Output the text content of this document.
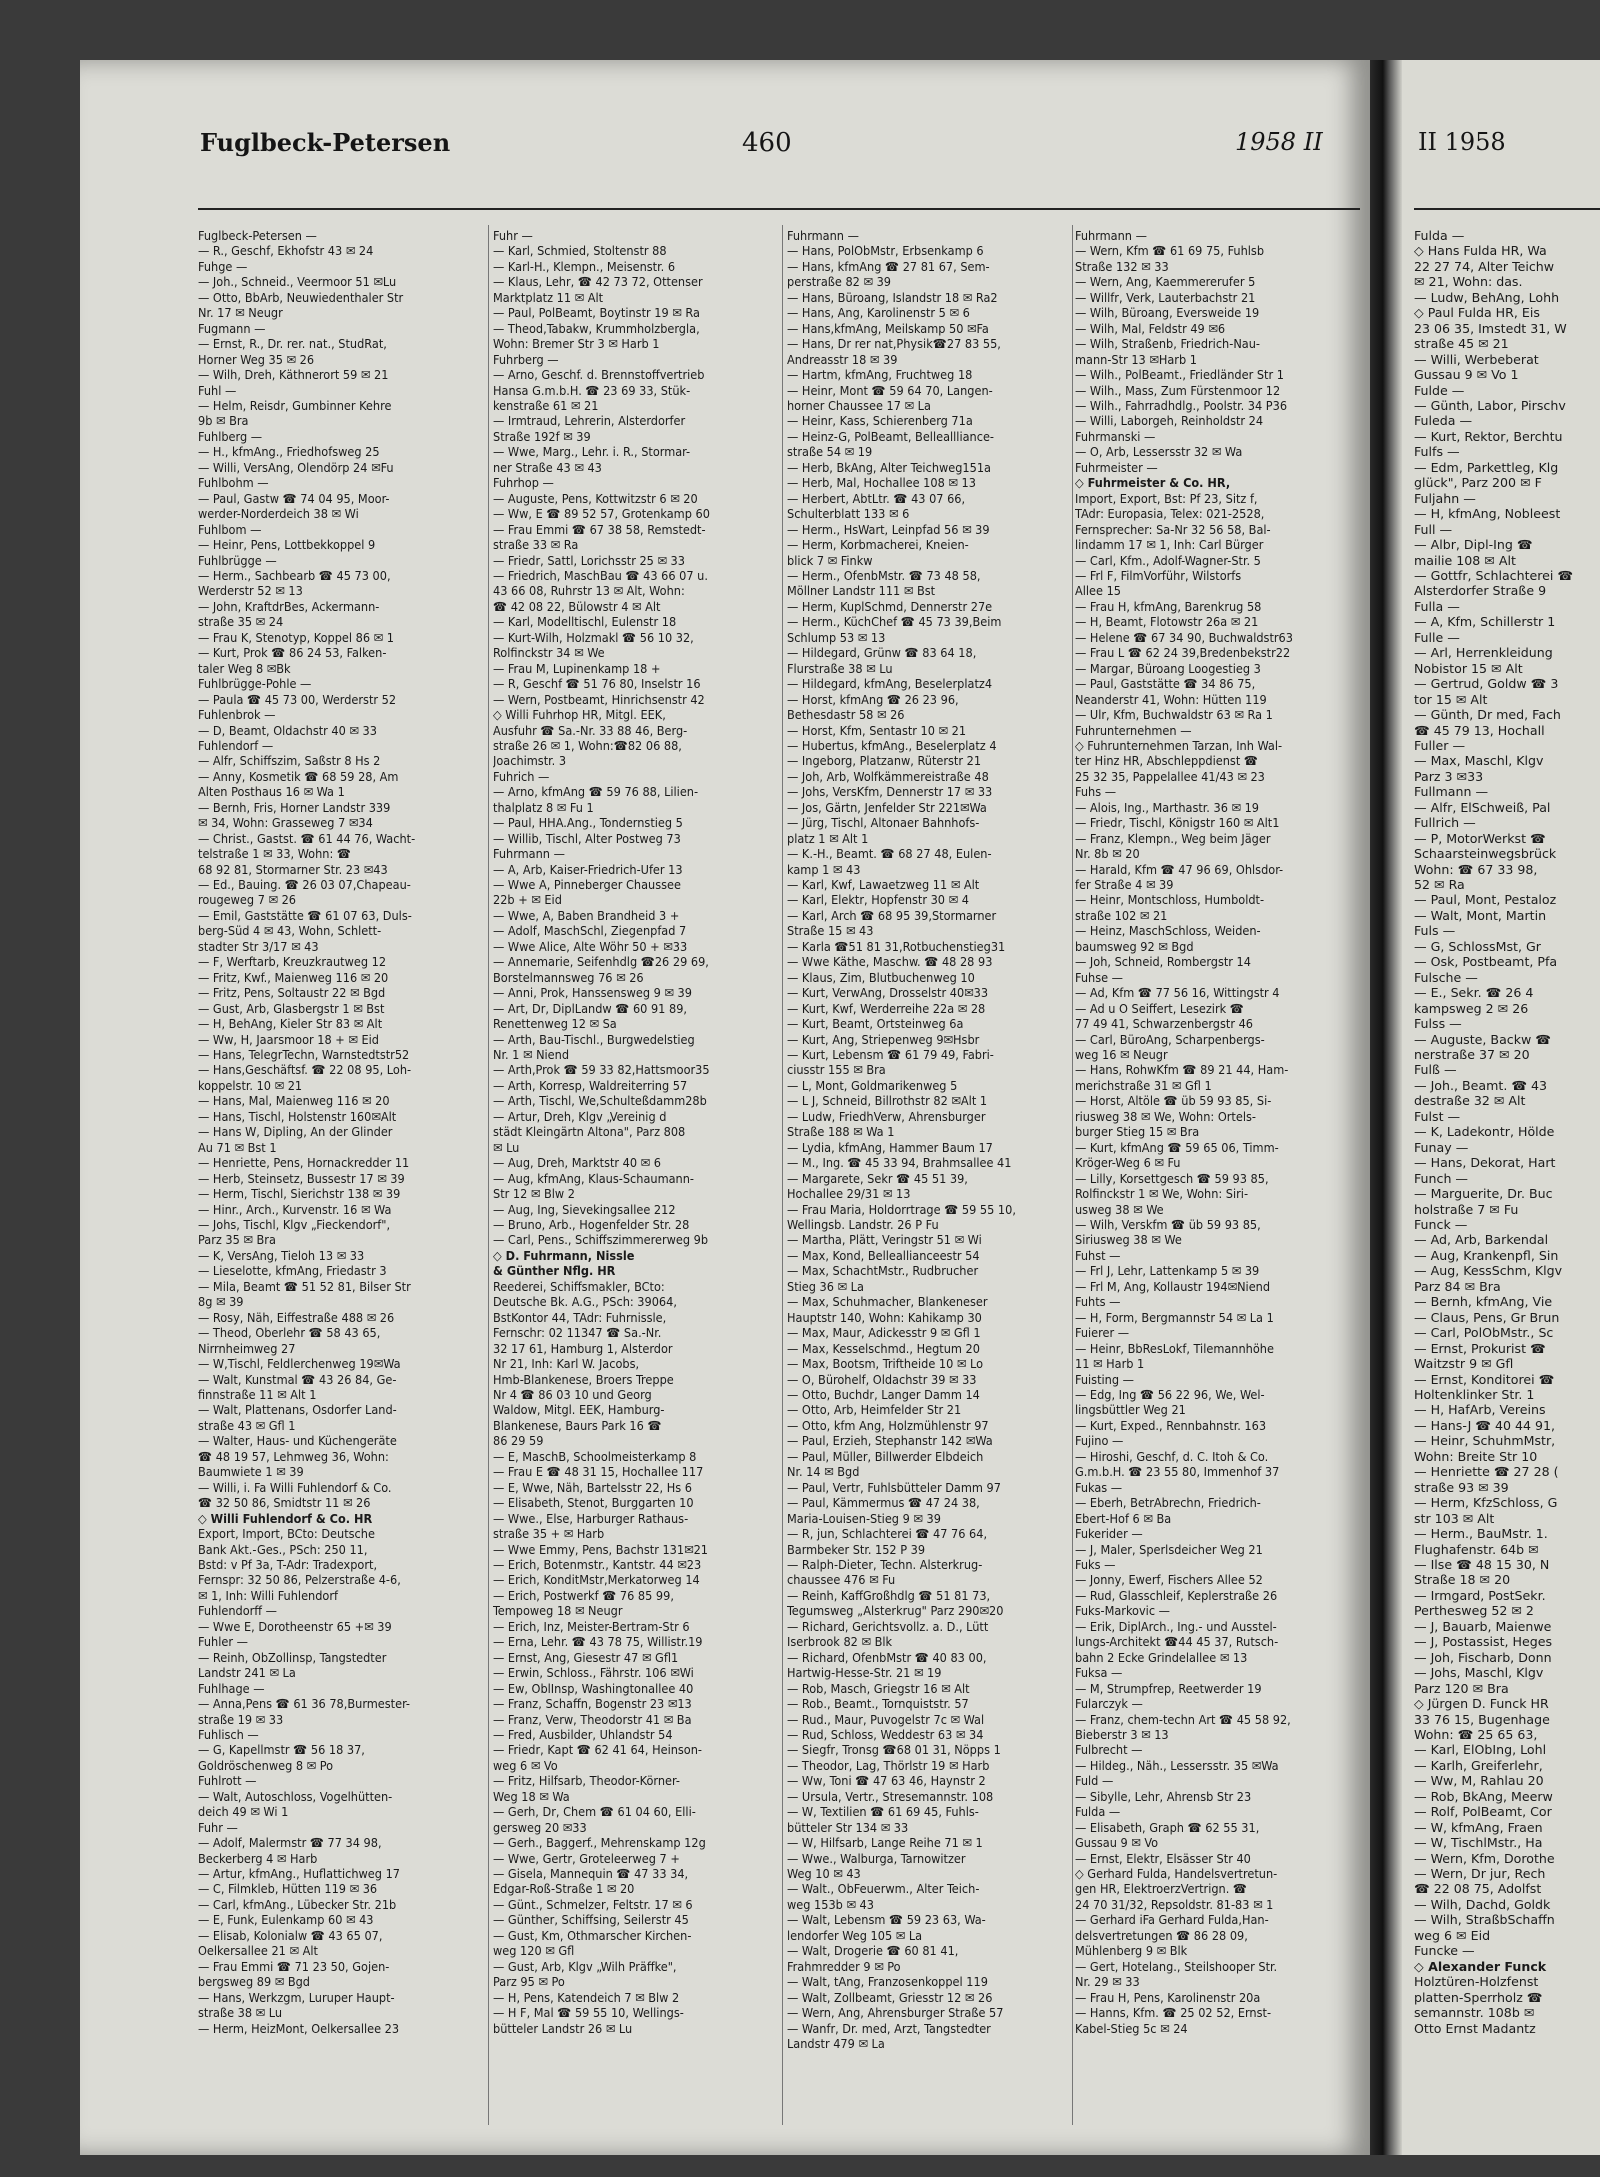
Fuglbeck-Petersen	460	1958 II	II 1958
Fuglbeck-Petersen —
— R., Geschf, Ekhofstr 43 ✉ 24
Fuhge —
— Joh., Schneid., Veermoor 51 ✉Lu
— Otto, BbArb, Neuwiedenthaler Str
Nr. 17 ✉ Neugr
Fugmann —
— Ernst, R., Dr. rer. nat., StudRat,
Horner Weg 35 ✉ 26
— Wilh, Dreh, Käthnerort 59 ✉ 21
Fuhl —
— Helm, Reisdr, Gumbinner Kehre
9b ✉ Bra
Fuhlberg —
— H., kfmAng., Friedhofsweg 25
— Willi, VersAng, Olendörp 24 ✉Fu
Fuhlbohm —
— Paul, Gastw ☎ 74 04 95, Moor-
werder-Norderdeich 38 ✉ Wi
Fuhlbom —
— Heinr, Pens, Lottbekkoppel 9
Fuhlbrügge —
— Herm., Sachbearb ☎ 45 73 00,
Werderstr 52 ✉ 13
— John, KraftdrBes, Ackermann-
straße 35 ✉ 24
— Frau K, Stenotyp, Koppel 86 ✉ 1
— Kurt, Prok ☎ 86 24 53, Falken-
taler Weg 8 ✉Bk
Fuhlbrügge-Pohle —
— Paula ☎ 45 73 00, Werderstr 52
Fuhlenbrok —
— D, Beamt, Oldachstr 40 ✉ 33
Fuhlendorf —
— Alfr, Schiffszim, Saßstr 8 Hs 2
— Anny, Kosmetik ☎ 68 59 28, Am
Alten Posthaus 16 ✉ Wa 1
— Bernh, Fris, Horner Landstr 339
✉ 34, Wohn: Grasseweg 7 ✉34
— Christ., Gastst. ☎ 61 44 76, Wacht-
telstraße 1 ✉ 33, Wohn: ☎
68 92 81, Stormarner Str. 23 ✉43
— Ed., Bauing. ☎ 26 03 07,Chapeau-
rougeweg 7 ✉ 26
— Emil, Gaststätte ☎ 61 07 63, Duls-
berg-Süd 4 ✉ 43, Wohn, Schlett-
stadter Str 3/17 ✉ 43
— F, Werftarb, Kreuzkrautweg 12
— Fritz, Kwf., Maienweg 116 ✉ 20
— Fritz, Pens, Soltaustr 22 ✉ Bgd
— Gust, Arb, Glasbergstr 1 ✉ Bst
— H, BehAng, Kieler Str 83 ✉ Alt
— Ww, H, Jaarsmoor 18 + ✉ Eid
— Hans, TelegrTechn, Warnstedtstr52
— Hans,Geschäftsf. ☎ 22 08 95, Loh-
koppelstr. 10 ✉ 21
— Hans, Mal, Maienweg 116 ✉ 20
— Hans, Tischl, Holstenstr 160✉Alt
— Hans W, Dipling, An der Glinder
Au 71 ✉ Bst 1
— Henriette, Pens, Hornackredder 11
— Herb, Steinsetz, Bussestr 17 ✉ 39
— Herm, Tischl, Sierichstr 138 ✉ 39
— Hinr., Arch., Kurvenstr. 16 ✉ Wa
— Johs, Tischl, Klgv „Fieckendorf",
Parz 35 ✉ Bra
— K, VersAng, Tieloh 13 ✉ 33
— Lieselotte, kfmAng, Friedastr 3
— Mila, Beamt ☎ 51 52 81, Bilser Str
8g ✉ 39
— Rosy, Näh, Eiffestraße 488 ✉ 26
— Theod, Oberlehr ☎ 58 43 65,
Nirrnheimweg 27
— W,Tischl, Feldlerchenweg 19✉Wa
— Walt, Kunstmal ☎ 43 26 84, Ge-
finnstraße 11 ✉ Alt 1
— Walt, Plattenans, Osdorfer Land-
straße 43 ✉ Gfl 1
— Walter, Haus- und Küchengeräte
☎ 48 19 57, Lehmweg 36, Wohn:
Baumwiete 1 ✉ 39
— Willi, i. Fa Willi Fuhlendorf & Co.
☎ 32 50 86, Smidtstr 11 ✉ 26
◇ Willi Fuhlendorf & Co. HR
Export, Import, BCto: Deutsche
Bank Akt.-Ges., PSch: 250 11,
Bstd: v Pf 3a, T-Adr: Tradexport,
Fernspr: 32 50 86, Pelzerstraße 4-6,
✉ 1, Inh: Willi Fuhlendorf
Fuhlendorff —
— Wwe E, Dorotheenstr 65 +✉ 39
Fuhler —
— Reinh, ObZollinsp, Tangstedter
Landstr 241 ✉ La
Fuhlhage —
— Anna,Pens ☎ 61 36 78,Burmester-
straße 19 ✉ 33
Fuhlisch —
— G, Kapellmstr ☎ 56 18 37,
Goldröschenweg 8 ✉ Po
Fuhlrott —
— Walt, Autoschloss, Vogelhütten-
deich 49 ✉ Wi 1
Fuhr —
— Adolf, Malermstr ☎ 77 34 98,
Beckerberg 4 ✉ Harb
— Artur, kfmAng., Huflattichweg 17
— C, Filmkleb, Hütten 119 ✉ 36
— Carl, kfmAng., Lübecker Str. 21b
— E, Funk, Eulenkamp 60 ✉ 43
— Elisab, Kolonialw ☎ 43 65 07,
Oelkersallee 21 ✉ Alt
— Frau Emmi ☎ 71 23 50, Gojen-
bergsweg 89 ✉ Bgd
— Hans, Werkzgm, Luruper Haupt-
straße 38 ✉ Lu
— Herm, HeizMont, Oelkersallee 23
Fuhr —
— Karl, Schmied, Stoltenstr 88
— Karl-H., Klempn., Meisenstr. 6
— Klaus, Lehr, ☎ 42 73 72, Ottenser
Marktplatz 11 ✉ Alt
— Paul, PolBeamt, Boytinstr 19 ✉ Ra
— Theod,Tabakw, Krummholzbergla,
Wohn: Bremer Str 3 ✉ Harb 1
Fuhrberg —
— Arno, Geschf. d. Brennstoffvertrieb
Hansa G.m.b.H. ☎ 23 69 33, Stük-
kenstraße 61 ✉ 21
— Irmtraud, Lehrerin, Alsterdorfer
Straße 192f ✉ 39
— Wwe, Marg., Lehr. i. R., Stormar-
ner Straße 43 ✉ 43
Fuhrhop —
— Auguste, Pens, Kottwitzstr 6 ✉ 20
— Ww, E ☎ 89 52 57, Grotenkamp 60
— Frau Emmi ☎ 67 38 58, Remstedt-
straße 33 ✉ Ra
— Friedr, Sattl, Lorichsstr 25 ✉ 33
— Friedrich, MaschBau ☎ 43 66 07 u.
43 66 08, Ruhrstr 13 ✉ Alt, Wohn:
☎ 42 08 22, Bülowstr 4 ✉ Alt
— Karl, Modelltischl, Eulenstr 18
— Kurt-Wilh, Holzmakl ☎ 56 10 32,
Rolfinckstr 34 ✉ We
— Frau M, Lupinenkamp 18 +
— R, Geschf ☎ 51 76 80, Inselstr 16
— Wern, Postbeamt, Hinrichsenstr 42
◇ Willi Fuhrhop HR, Mitgl. EEK,
Ausfuhr ☎ Sa.-Nr. 33 88 46, Berg-
straße 26 ✉ 1, Wohn:☎82 06 88,
Joachimstr. 3
Fuhrich —
— Arno, kfmAng ☎ 59 76 88, Lilien-
thalplatz 8 ✉ Fu 1
— Paul, HHA.Ang., Tondernstieg 5
— Willib, Tischl, Alter Postweg 73
Fuhrmann —
— A, Arb, Kaiser-Friedrich-Ufer 13
— Wwe A, Pinneberger Chaussee
22b + ✉ Eid
— Wwe, A, Baben Brandheid 3 +
— Adolf, MaschSchl, Ziegenpfad 7
— Wwe Alice, Alte Wöhr 50 + ✉33
— Annemarie, Seifenhdlg ☎26 29 69,
Borstelmannsweg 76 ✉ 26
— Anni, Prok, Hanssensweg 9 ✉ 39
— Art, Dr, DiplLandw ☎ 60 91 89,
Renettenweg 12 ✉ Sa
— Arth, Bau-Tischl., Burgwedelstieg
Nr. 1 ✉ Niend
— Arth,Prok ☎ 59 33 82,Hattsmoor35
— Arth, Korresp, Waldreiterring 57
— Arth, Tischl, We,Schulteßdamm28b
— Artur, Dreh, Klgv „Vereinig d
städt Kleingärtn Altona", Parz 808
✉ Lu
— Aug, Dreh, Marktstr 40 ✉ 6
— Aug, kfmAng, Klaus-Schaumann-
Str 12 ✉ Blw 2
— Aug, Ing, Sievekingsallee 212
— Bruno, Arb., Hogenfelder Str. 28
— Carl, Pens., Schiffszimmererweg 9b
◇ D. Fuhrmann, Nissle
& Günther Nflg. HR
Reederei, Schiffsmakler, BCto:
Deutsche Bk. A.G., PSch: 39064,
BstKontor 44, TAdr: Fuhrnissle,
Fernschr: 02 11347 ☎ Sa.-Nr.
32 17 61, Hamburg 1, Alsterdor
Nr 21, Inh: Karl W. Jacobs,
Hmb-Blankenese, Broers Treppe
Nr 4 ☎ 86 03 10 und Georg
Waldow, Mitgl. EEK, Hamburg-
Blankenese, Baurs Park 16 ☎
86 29 59
— E, MaschB, Schoolmeisterkamp 8
— Frau E ☎ 48 31 15, Hochallee 117
— E, Wwe, Näh, Bartelsstr 22, Hs 6
— Elisabeth, Stenot, Burggarten 10
— Wwe., Else, Harburger Rathaus-
straße 35 + ✉ Harb
— Wwe Emmy, Pens, Bachstr 131✉21
— Erich, Botenmstr., Kantstr. 44 ✉23
— Erich, KonditMstr,Merkatorweg 14
— Erich, Postwerkf ☎ 76 85 99,
Tempoweg 18 ✉ Neugr
— Erich, Inz, Meister-Bertram-Str 6
— Erna, Lehr. ☎ 43 78 75, Willistr.19
— Ernst, Ang, Giesestr 47 ✉ Gfl1
— Erwin, Schloss., Fährstr. 106 ✉Wi
— Ew, OblInsp, Washingtonallee 40
— Franz, Schaffn, Bogenstr 23 ✉13
— Franz, Verw, Theodorstr 41 ✉ Ba
— Fred, Ausbilder, Uhlandstr 54
— Friedr, Kapt ☎ 62 41 64, Heinson-
weg 6 ✉ Vo
— Fritz, Hilfsarb, Theodor-Körner-
Weg 18 ✉ Wa
— Gerh, Dr, Chem ☎ 61 04 60, Elli-
gersweg 20 ✉33
— Gerh., Baggerf., Mehrenskamp 12g
— Wwe, Gertr, Groteleerweg 7 +
— Gisela, Mannequin ☎ 47 33 34,
Edgar-Roß-Straße 1 ✉ 20
— Günt., Schmelzer, Feltstr. 17 ✉ 6
— Günther, Schiffsing, Seilerstr 45
— Gust, Km, Othmarscher Kirchen-
weg 120 ✉ Gfl
— Gust, Arb, Klgv „Wilh Präffke",
Parz 95 ✉ Po
— H, Pens, Katendeich 7 ✉ Blw 2
— H F, Mal ☎ 59 55 10, Wellings-
bütteler Landstr 26 ✉ Lu
Fuhrmann —
— Hans, PolObMstr, Erbsenkamp 6
— Hans, kfmAng ☎ 27 81 67, Sem-
perstraße 82 ✉ 39
— Hans, Büroang, Islandstr 18 ✉ Ra2
— Hans, Ang, Karolinenstr 5 ✉ 6
— Hans,kfmAng, Meilskamp 50 ✉Fa
— Hans, Dr rer nat,Physik☎27 83 55,
Andreasstr 18 ✉ 39
— Hartm, kfmAng, Fruchtweg 18
— Heinr, Mont ☎ 59 64 70, Langen-
horner Chaussee 17 ✉ La
— Heinr, Kass, Schierenberg 71a
— Heinz-G, PolBeamt, Belleallliance-
straße 54 ✉ 19
— Herb, BkAng, Alter Teichweg151a
— Herb, Mal, Hochallee 108 ✉ 13
— Herbert, AbtLtr. ☎ 43 07 66,
Schulterblatt 133 ✉ 6
— Herm., HsWart, Leinpfad 56 ✉ 39
— Herm, Korbmacherei, Kneien-
blick 7 ✉ Finkw
— Herm., OfenbMstr. ☎ 73 48 58,
Möllner Landstr 111 ✉ Bst
— Herm, KuplSchmd, Dennerstr 27e
— Herm., KüchChef ☎ 45 73 39,Beim
Schlump 53 ✉ 13
— Hildegard, Grünw ☎ 83 64 18,
Flurstraße 38 ✉ Lu
— Hildegard, kfmAng, Beselerplatz4
— Horst, kfmAng ☎ 26 23 96,
Bethesdastr 58 ✉ 26
— Horst, Kfm, Sentastr 10 ✉ 21
— Hubertus, kfmAng., Beselerplatz 4
— Ingeborg, Platzanw, Rüterstr 21
— Joh, Arb, Wolfkämmereistraße 48
— Johs, VersKfm, Dennerstr 17 ✉ 33
— Jos, Gärtn, Jenfelder Str 221✉Wa
— Jürg, Tischl, Altonaer Bahnhofs-
platz 1 ✉ Alt 1
— K.-H., Beamt. ☎ 68 27 48, Eulen-
kamp 1 ✉ 43
— Karl, Kwf, Lawaetzweg 11 ✉ Alt
— Karl, Elektr, Hopfenstr 30 ✉ 4
— Karl, Arch ☎ 68 95 39,Stormarner
Straße 15 ✉ 43
— Karla ☎51 81 31,Rotbuchenstieg31
— Wwe Käthe, Maschw. ☎ 48 28 93
— Klaus, Zim, Blutbuchenweg 10
— Kurt, VerwAng, Drosselstr 40✉33
— Kurt, Kwf, Werderreihe 22a ✉ 28
— Kurt, Beamt, Ortsteinweg 6a
— Kurt, Ang, Striepenweg 9✉Hsbr
— Kurt, Lebensm ☎ 61 79 49, Fabri-
ciusstr 155 ✉ Bra
— L, Mont, Goldmarikenweg 5
— L J, Schneid, Billrothstr 82 ✉Alt 1
— Ludw, FriedhVerw, Ahrensburger
Straße 188 ✉ Wa 1
— Lydia, kfmAng, Hammer Baum 17
— M., Ing. ☎ 45 33 94, Brahmsallee 41
— Margarete, Sekr ☎ 45 51 39,
Hochallee 29/31 ✉ 13
— Frau Maria, Holdorrtrage ☎ 59 55 10,
Wellingsb. Landstr. 26 P Fu
— Martha, Plätt, Veringstr 51 ✉ Wi
— Max, Kond, Belleallianceestr 54
— Max, SchachtMstr., Rudbrucher
Stieg 36 ✉ La
— Max, Schuhmacher, Blankeneser
Hauptstr 140, Wohn: Kahikamp 30
— Max, Maur, Adickesstr 9 ✉ Gfl 1
— Max, Kesselschmd., Hegtum 20
— Max, Bootsm, Triftheide 10 ✉ Lo
— O, Bürohelf, Oldachstr 39 ✉ 33
— Otto, Buchdr, Langer Damm 14
— Otto, Arb, Heimfelder Str 21
— Otto, kfm Ang, Holzmühlenstr 97
— Paul, Erzieh, Stephanstr 142 ✉Wa
— Paul, Müller, Billwerder Elbdeich
Nr. 14 ✉ Bgd
— Paul, Vertr, Fuhlsbütteler Damm 97
— Paul, Kämmermus ☎ 47 24 38,
Maria-Louisen-Stieg 9 ✉ 39
— R, jun, Schlachterei ☎ 47 76 64,
Barmbeker Str. 152 P 39
— Ralph-Dieter, Techn. Alsterkrug-
chaussee 476 ✉ Fu
— Reinh, KaffGroßhdlg ☎ 51 81 73,
Tegumsweg „Alsterkrug" Parz 290✉20
— Richard, Gerichtsvollz. a. D., Lütt
Iserbrook 82 ✉ Blk
— Richard, OfenbMstr ☎ 40 83 00,
Hartwig-Hesse-Str. 21 ✉ 19
— Rob, Masch, Griegstr 16 ✉ Alt
— Rob., Beamt., Tornquiststr. 57
— Rud., Maur, Puvogelstr 7c ✉ Wal
— Rud, Schloss, Weddestr 63 ✉ 34
— Siegfr, Tronsg ☎68 01 31, Nöpps 1
— Theodor, Lag, Thörlstr 19 ✉ Harb
— Ww, Toni ☎ 47 63 46, Haynstr 2
— Ursula, Vertr., Stresemannstr. 108
— W, Textilien ☎ 61 69 45, Fuhls-
bütteler Str 134 ✉ 33
— W, Hilfsarb, Lange Reihe 71 ✉ 1
— Wwe., Walburga, Tarnowitzer
Weg 10 ✉ 43
— Walt., ObFeuerwm., Alter Teich-
weg 153b ✉ 43
— Walt, Lebensm ☎ 59 23 63, Wa-
lendorfer Weg 105 ✉ La
— Walt, Drogerie ☎ 60 81 41,
Frahmredder 9 ✉ Po
— Walt, tAng, Franzosenkoppel 119
— Walt, Zollbeamt, Griesstr 12 ✉ 26
— Wern, Ang, Ahrensburger Straße 57
— Wanfr, Dr. med, Arzt, Tangstedter
Landstr 479 ✉ La
Fuhrmann —
— Wern, Kfm ☎ 61 69 75, Fuhlsb
Straße 132 ✉ 33
— Wern, Ang, Kaemmererufer 5
— Willfr, Verk, Lauterbachstr 21
— Wilh, Büroang, Eversweide 19
— Wilh, Mal, Feldstr 49 ✉6
— Wilh, Straßenb, Friedrich-Nau-
mann-Str 13 ✉Harb 1
— Wilh., PolBeamt., Friedländer Str 1
— Wilh., Mass, Zum Fürstenmoor 12
— Wilh., Fahrradhdlg., Poolstr. 34 P36
— Willi, Laborgeh, Reinholdstr 24
Fuhrmanski —
— O, Arb, Lessersstr 32 ✉ Wa
Fuhrmeister —
◇ Fuhrmeister & Co. HR,
Import, Export, Bst: Pf 23, Sitz f,
TAdr: Europasia, Telex: 021-2528,
Fernsprecher: Sa-Nr 32 56 58, Bal-
lindamm 17 ✉ 1, Inh: Carl Bürger
— Carl, Kfm., Adolf-Wagner-Str. 5
— Frl F, FilmVorführ, Wilstorfs
Allee 15
— Frau H, kfmAng, Barenkrug 58
— H, Beamt, Flotowstr 26a ✉ 21
— Helene ☎ 67 34 90, Buchwaldstr63
— Frau L ☎ 62 24 39,Bredenbekstr22
— Margar, Büroang Loogestieg 3
— Paul, Gaststätte ☎ 34 86 75,
Neanderstr 41, Wohn: Hütten 119
— Ulr, Kfm, Buchwaldstr 63 ✉ Ra 1
Fuhrunternehmen —
◇ Fuhrunternehmen Tarzan, Inh Wal-
ter Hinz HR, Abschleppdienst ☎
25 32 35, Pappelallee 41/43 ✉ 23
Fuhs —
— Alois, Ing., Marthastr. 36 ✉ 19
— Friedr, Tischl, Königstr 160 ✉ Alt1
— Franz, Klempn., Weg beim Jäger
Nr. 8b ✉ 20
— Harald, Kfm ☎ 47 96 69, Ohlsdor-
fer Straße 4 ✉ 39
— Heinr, Montschloss, Humboldt-
straße 102 ✉ 21
— Heinz, MaschSchloss, Weiden-
baumsweg 92 ✉ Bgd
— Joh, Schneid, Rombergstr 14
Fuhse —
— Ad, Kfm ☎ 77 56 16, Wittingstr 4
— Ad u O Seiffert, Lesezirk ☎
77 49 41, Schwarzenbergstr 46
— Carl, BüroAng, Scharpenbergs-
weg 16 ✉ Neugr
— Hans, RohwKfm ☎ 89 21 44, Ham-
merichstraße 31 ✉ Gfl 1
— Horst, Altöle ☎ üb 59 93 85, Si-
riusweg 38 ✉ We, Wohn: Ortels-
burger Stieg 15 ✉ Bra
— Kurt, kfmAng ☎ 59 65 06, Timm-
Kröger-Weg 6 ✉ Fu
— Lilly, Korsettgesch ☎ 59 93 85,
Rolfinckstr 1 ✉ We, Wohn: Siri-
usweg 38 ✉ We
— Wilh, Verskfm ☎ üb 59 93 85,
Siriusweg 38 ✉ We
Fuhst —
— Frl J, Lehr, Lattenkamp 5 ✉ 39
— Frl M, Ang, Kollaustr 194✉Niend
Fuhts —
— H, Form, Bergmannstr 54 ✉ La 1
Fuierer —
— Heinr, BbResLokf, Tilemannhöhe
11 ✉ Harb 1
Fuisting —
— Edg, Ing ☎ 56 22 96, We, Wel-
lingsbüttler Weg 21
— Kurt, Exped., Rennbahnstr. 163
Fujino —
— Hiroshi, Geschf, d. C. Itoh & Co.
G.m.b.H. ☎ 23 55 80, Immenhof 37
Fukas —
— Eberh, BetrAbrechn, Friedrich-
Ebert-Hof 6 ✉ Ba
Fukerider —
— J, Maler, Sperlsdeicher Weg 21
Fuks —
— Jonny, Ewerf, Fischers Allee 52
— Rud, Glasschleif, Keplerstraße 26
Fuks-Markovic —
— Erik, DiplArch., Ing.- und Ausstel-
lungs-Architekt ☎44 45 37, Rutsch-
bahn 2 Ecke Grindelallee ✉ 13
Fuksa —
— M, Strumpfrep, Reetwerder 19
Fularczyk —
— Franz, chem-techn Art ☎ 45 58 92,
Bieberstr 3 ✉ 13
Fulbrecht —
— Hildeg., Näh., Lessersstr. 35 ✉Wa
Fuld —
— Sibylle, Lehr, Ahrensb Str 23
Fulda —
— Elisabeth, Graph ☎ 62 55 31,
Gussau 9 ✉ Vo
— Ernst, Elektr, Elsässer Str 40
◇ Gerhard Fulda, Handelsvertretun-
gen HR, ElektroerzVertrign. ☎
24 70 31/32, Repsoldstr. 81-83 ✉ 1
— Gerhard iFa Gerhard Fulda,Han-
delsvertretungen ☎ 86 28 09,
Mühlenberg 9 ✉ Blk
— Gert, Hotelang., Steilshooper Str.
Nr. 29 ✉ 33
— Frau H, Pens, Karolinenstr 20a
— Hanns, Kfm. ☎ 25 02 52, Ernst-
Kabel-Stieg 5c ✉ 24
Fulda —
◇ Hans Fulda HR, Wa
22 27 74, Alter Teichw
✉ 21, Wohn: das.
— Ludw, BehAng, Lohh
◇ Paul Fulda HR, Eis
23 06 35, Imstedt 31, W
straße 45 ✉ 21
— Willi, Werbeberat
Gussau 9 ✉ Vo 1
Fulde —
— Günth, Labor, Pirschv
Fuleda —
— Kurt, Rektor, Berchtu
Fulfs —
— Edm, Parkettleg, Klg
glück", Parz 200 ✉ F
Fuljahn —
— H, kfmAng, Nobleest
Full —
— Albr, Dipl-Ing ☎
mailie 108 ✉ Alt
— Gottfr, Schlachterei ☎
Alsterdorfer Straße 9
Fulla —
— A, Kfm, Schillerstr 1
Fulle —
— Arl, Herrenkleidung
Nobistor 15 ✉ Alt
— Gertrud, Goldw ☎ 3
tor 15 ✉ Alt
— Günth, Dr med, Fach
☎ 45 79 13, Hochall
Fuller —
— Max, Maschl, Klgv
Parz 3 ✉33
Fullmann —
— Alfr, ElSchweiß, Pal
Fullrich —
— P, MotorWerkst ☎
Schaarsteinwegsbrück
Wohn: ☎ 67 33 98,
52 ✉ Ra
— Paul, Mont, Pestaloz
— Walt, Mont, Martin
Fuls —
— G, SchlossMst, Gr
— Osk, Postbeamt, Pfa
Fulsche —
— E., Sekr. ☎ 26 4
kampsweg 2 ✉ 26
Fulss —
— Auguste, Backw ☎
nerstraße 37 ✉ 20
Fulß —
— Joh., Beamt. ☎ 43
destraße 32 ✉ Alt
Fulst —
— K, Ladekontr, Hölde
Funay —
— Hans, Dekorat, Hart
Funch —
— Marguerite, Dr. Buc
holstraße 7 ✉ Fu
Funck —
— Ad, Arb, Barkendal
— Aug, Krankenpfl, Sin
— Aug, KessSchm, Klgv
Parz 84 ✉ Bra
— Bernh, kfmAng, Vie
— Claus, Pens, Gr Brun
— Carl, PolObMstr., Sc
— Ernst, Prokurist ☎
Waitzstr 9 ✉ Gfl
— Ernst, Konditorei ☎
Holtenklinker Str. 1
— H, HafArb, Vereins
— Hans-J ☎ 40 44 91,
— Heinr, SchuhmMstr,
Wohn: Breite Str 10
— Henriette ☎ 27 28 (
straße 93 ✉ 39
— Herm, KfzSchloss, G
str 103 ✉ Alt
— Herm., BauMstr. 1.
Flughafenstr. 64b ✉
— Ilse ☎ 48 15 30, N
Straße 18 ✉ 20
— Irmgard, PostSekr.
Perthesweg 52 ✉ 2
— J, Bauarb, Maienwe
— J, Postassist, Heges
— Joh, Fischarb, Donn
— Johs, Maschl, Klgv
Parz 120 ✉ Bra
◇ Jürgen D. Funck HR
33 76 15, Bugenhage
Wohn: ☎ 25 65 63,
— Karl, ElObIng, Lohl
— Karlh, Greiferlehr,
— Ww, M, Rahlau 20
— Rob, BkAng, Meerw
— Rolf, PolBeamt, Cor
— W, kfmAng, Fraen
— W, TischlMstr., Ha
— Wern, Kfm, Dorothe
— Wern, Dr jur, Rech
☎ 22 08 75, Adolfst
— Wilh, Dachd, Goldk
— Wilh, StraßbSchaffn
weg 6 ✉ Eid
Funcke —
◇ Alexander Funck
Holztüren-Holzfenst
platten-Sperrholz ☎
semannstr. 108b ✉
Otto Ernst Madantz
